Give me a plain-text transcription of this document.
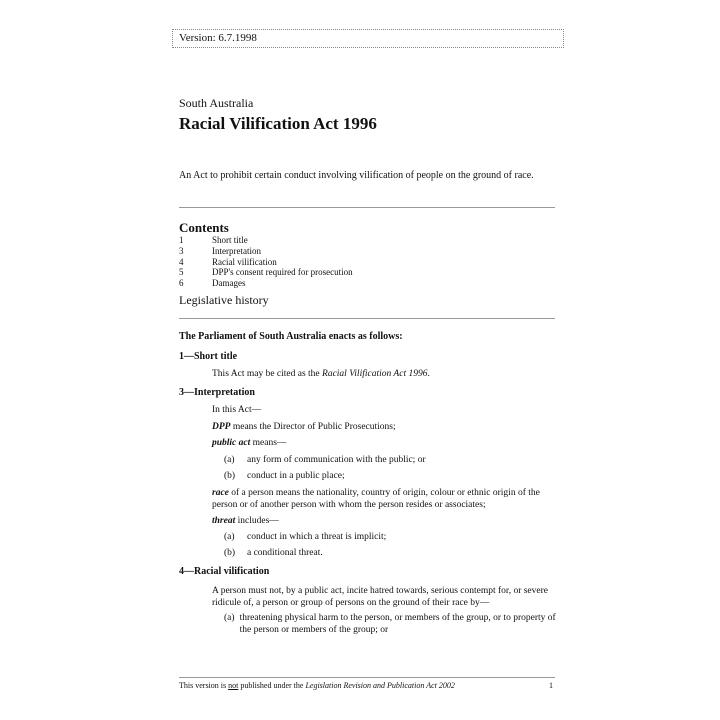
Version: 6.7.1998
South Australia
Racial Vilification Act 1996
An Act to prohibit certain conduct involving vilification of people on the ground of race.
Contents
1	Short title
3	Interpretation
4	Racial vilification
5	DPP's consent required for prosecution
6	Damages
Legislative history
The Parliament of South Australia enacts as follows:
1—Short title
This Act may be cited as the Racial Vilification Act 1996.
3—Interpretation
In this Act—
DPP means the Director of Public Prosecutions;
public act means—
(a)	any form of communication with the public; or
(b)	conduct in a public place;
race of a person means the nationality, country of origin, colour or ethnic origin of the person or of another person with whom the person resides or associates;
threat includes—
(a)	conduct in which a threat is implicit;
(b)	a conditional threat.
4—Racial vilification
A person must not, by a public act, incite hatred towards, serious contempt for, or severe ridicule of, a person or group of persons on the ground of their race by—
(a) threatening physical harm to the person, or members of the group, or to property of the person or members of the group; or
This version is not published under the Legislation Revision and Publication Act 2002	1
